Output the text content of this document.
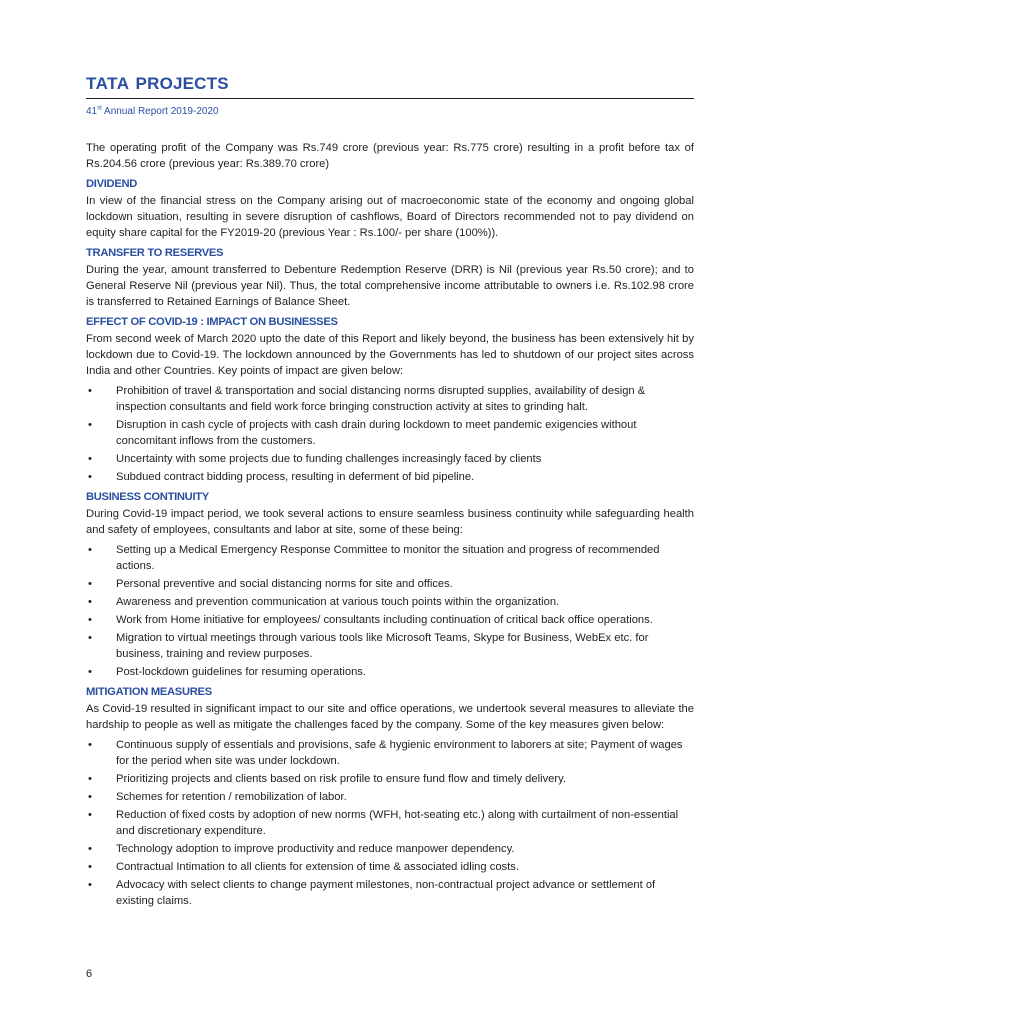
TATA PROJECTS
41st Annual Report 2019-2020

The operating profit of the Company was Rs.749 crore (previous year: Rs.775 crore) resulting in a profit before tax of Rs.204.56 crore (previous year: Rs.389.70 crore)

DIVIDEND

In view of the financial stress on the Company arising out of macroeconomic state of the economy and ongoing global lockdown situation, resulting in severe disruption of cashflows, Board of Directors recommended not to pay dividend on equity share capital for the FY2019-20 (previous Year : Rs.100/- per share (100%)).

TRANSFER TO RESERVES

During the year, amount transferred to Debenture Redemption Reserve (DRR) is Nil (previous year Rs.50 crore); and to General Reserve Nil (previous year Nil). Thus, the total comprehensive income attributable to owners i.e. Rs.102.98 crore is transferred to Retained Earnings of Balance Sheet.

EFFECT OF COVID-19 : IMPACT ON BUSINESSES

From second week of March 2020 upto the date of this Report and likely beyond, the business has been extensively hit by lockdown due to Covid-19. The lockdown announced by the Governments has led to shutdown of our project sites across India and other Countries. Key points of impact are given below:

• Prohibition of travel & transportation and social distancing norms disrupted supplies, availability of design & inspection consultants and field work force bringing construction activity at sites to grinding halt.
• Disruption in cash cycle of projects with cash drain during lockdown to meet pandemic exigencies without concomitant inflows from the customers.
• Uncertainty with some projects due to funding challenges increasingly faced by clients
• Subdued contract bidding process, resulting in deferment of bid pipeline.
BUSINESS CONTINUITY

During Covid-19 impact period, we took several actions to ensure seamless business continuity while safeguarding health and safety of employees, consultants and labor at site, some of these being:

• Setting up a Medical Emergency Response Committee to monitor the situation and progress of recommended actions.
• Personal preventive and social distancing norms for site and offices.
• Awareness and prevention communication at various touch points within the organization.
• Work from Home initiative for employees/ consultants including continuation of critical back office operations.
• Migration to virtual meetings through various tools like Microsoft Teams, Skype for Business, WebEx etc. for business, training and review purposes.
• Post-lockdown guidelines for resuming operations.
MITIGATION MEASURES

As Covid-19 resulted in significant impact to our site and office operations, we undertook several measures to alleviate the hardship to people as well as mitigate the challenges faced by the company. Some of the key measures given below:

• Continuous supply of essentials and provisions, safe & hygienic environment to laborers at site; Payment of wages for the period when site was under lockdown.
• Prioritizing projects and clients based on risk profile to ensure fund flow and timely delivery.
• Schemes for retention / remobilization of labor.
• Reduction of fixed costs by adoption of new norms (WFH, hot-seating etc.) along with curtailment of non-essential and discretionary expenditure.
• Technology adoption to improve productivity and reduce manpower dependency.
• Contractual Intimation to all clients for extension of time & associated idling costs.
• Advocacy with select clients to change payment milestones, non-contractual project advance or settlement of existing claims.
6
